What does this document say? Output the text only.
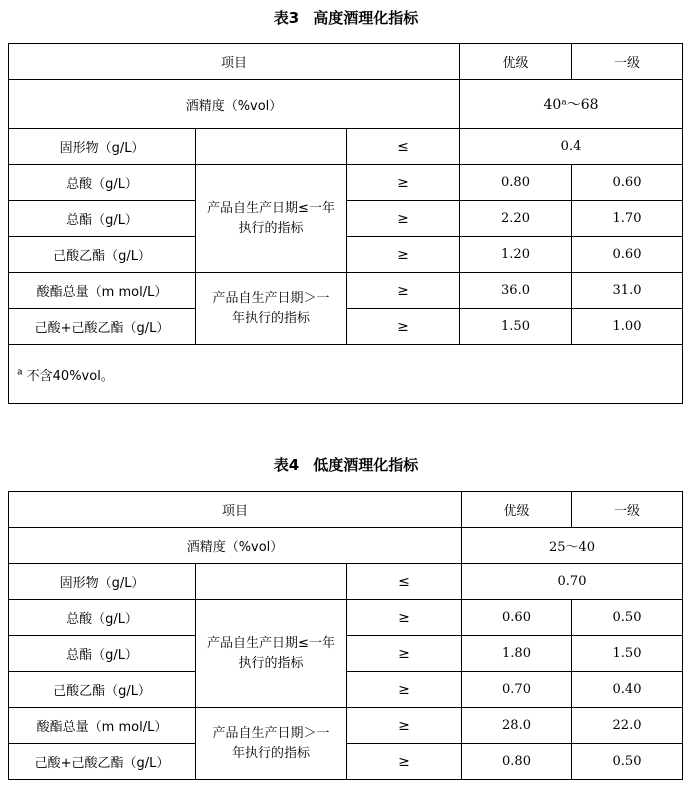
表3 高度酒理化指标
项目			优级	一级
酒精度（%vol）			40ᵃ～68	
固形物（g/L）		≤	0.4	
总酸（g/L）	产品自生产日期≤一年执行的指标	≥	0.80	0.60
总酯（g/L）		≥	2.20	1.70
己酸乙酯（g/L）		≥	1.20	0.60
酸酯总量（m mol/L）	产品自生产日期＞一年执行的指标	≥	36.0	31.0
己酸+己酸乙酯（g/L）		≥	1.50	1.00
$^a$ 不含40%vol。				
表4 低度酒理化指标
项目			优级	一级
酒精度（%vol）			25～40	
固形物（g/L）		≤	0.70	
总酸（g/L）	产品自生产日期≤一年执行的指标	≥	0.60	0.50
总酯（g/L）		≥	1.80	1.50
己酸乙酯（g/L）		≥	0.70	0.40
酸酯总量（m mol/L）	产品自生产日期＞一年执行的指标	≥	28.0	22.0
己酸+己酸乙酯（g/L）		≥	0.80	0.50
